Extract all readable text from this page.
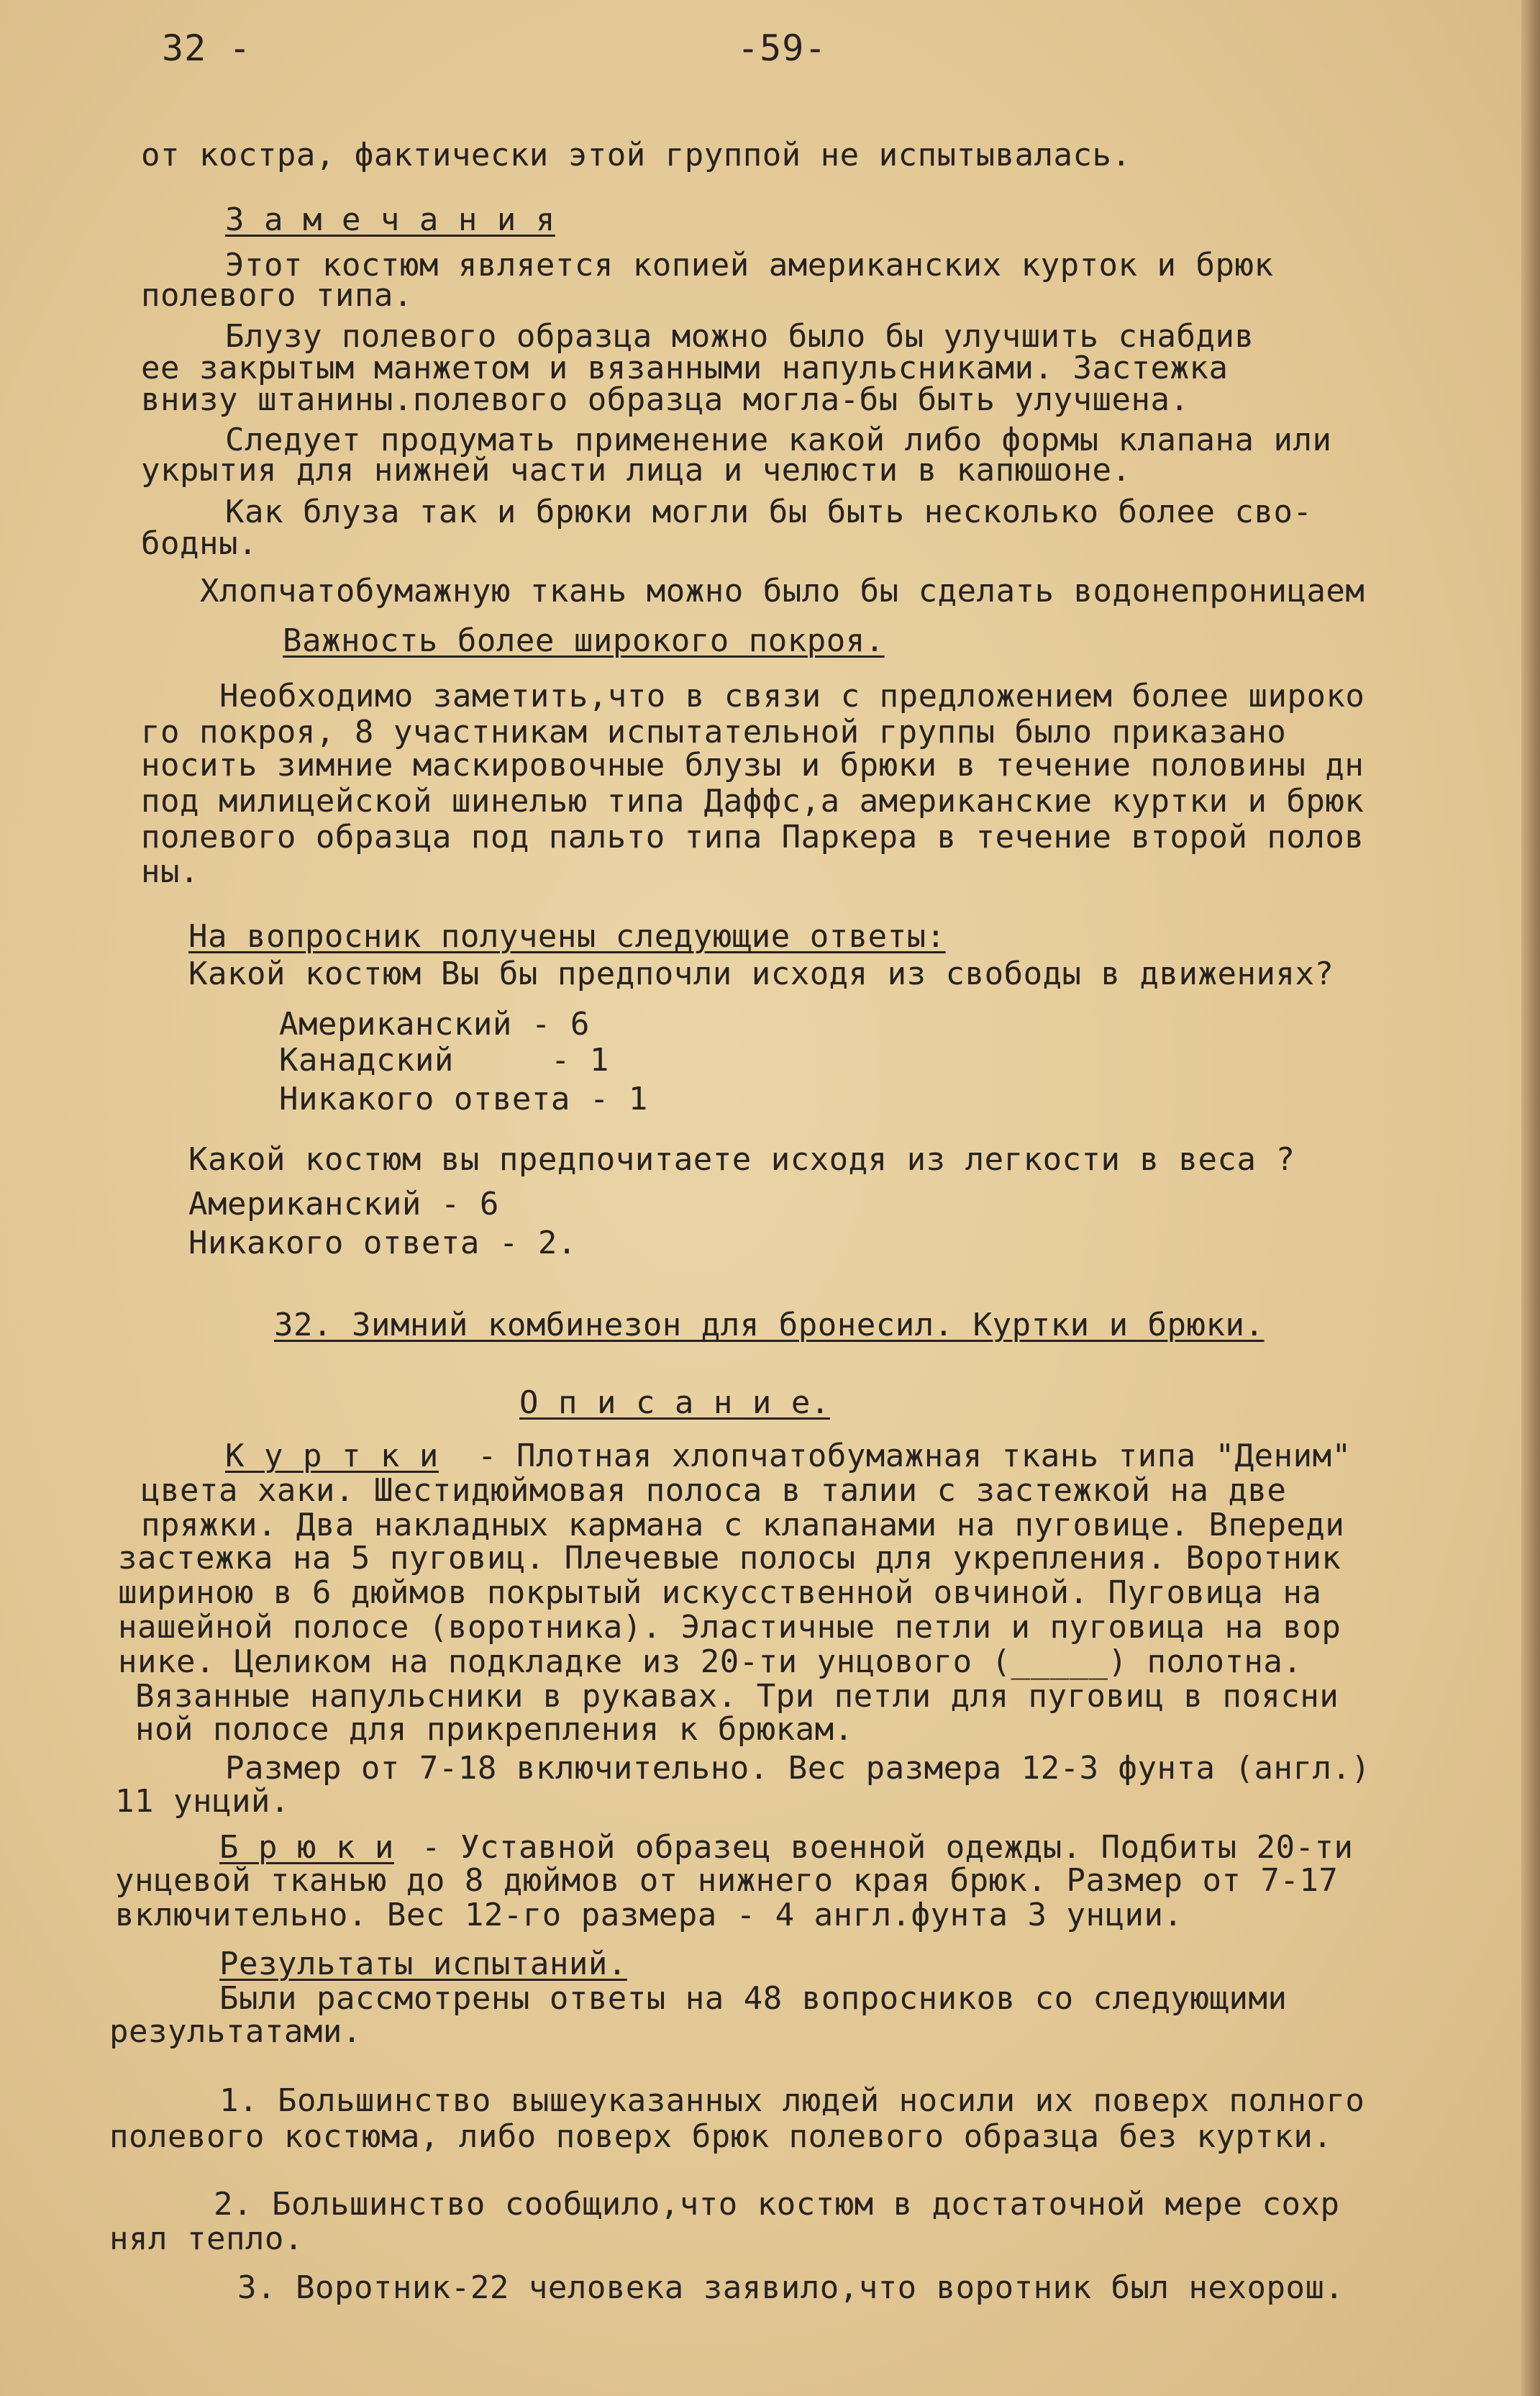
32 -	-59-
от костра, фактически этой группой не испытывалась.
З а м е ч а н и я
Этот костюм является копией американских курток и брюк
полевого типа.
Блузу полевого образца можно было бы улучшить снабдив
ее закрытым манжетом и вязанными напульсниками. Застежка
внизу штанины.полевого образца могла-бы быть улучшена.
Следует продумать применение какой либо формы клапана или
укрытия для нижней части лица и челюсти в капюшоне.
Как блуза так и брюки могли бы быть несколько более сво-
бодны.
Хлопчатобумажную ткань можно было бы сделать водонепроницаем
Важность более широкого покроя.
Необходимо заметить,что в связи с предложением более широко
го покроя, 8 участникам испытательной группы было приказано
носить зимние маскировочные блузы и брюки в течение половины дн
под милицейской шинелью типа Даффс,а американские куртки и брюк
полевого образца под пальто типа Паркера в течение второй полов
ны.
На вопросник получены следующие ответы:
Какой костюм Вы бы предпочли исходя из свободы в движениях?
Американский - 6
Канадский     - 1
Никакого ответа - 1
Какой костюм вы предпочитаете исходя из легкости в веса ?
Американский - 6
Никакого ответа - 2.
32. Зимний комбинезон для бронесил. Куртки и брюки.
О п и с а н и е.
К у р т к и - Плотная хлопчатобумажная ткань типа "Деним"
цвета хаки. Шестидюймовая полоса в талии с застежкой на две
пряжки. Два накладных кармана с клапанами на пуговице. Впереди
застежка на 5 пуговиц. Плечевые полосы для укрепления. Воротник
шириною в 6 дюймов покрытый искусственной овчиной. Пуговица на
нашейной полосе (воротника). Эластичные петли и пуговица на вор
нике. Целиком на подкладке из 20-ти унцового (_____) полотна.
Вязанные напульсники в рукавах. Три петли для пуговиц в поясни
ной полосе для прикрепления к брюкам.
Размер от 7-18 включительно. Вес размера 12-3 фунта (англ.)
11 унций.
Б р ю к и - Уставной образец военной одежды. Подбиты 20-ти
унцевой тканью до 8 дюймов от нижнего края брюк. Размер от 7-17
включительно. Вес 12-го размера - 4 англ.фунта 3 унции.
Результаты испытаний.
Были рассмотрены ответы на 48 вопросников со следующими
результатами.
1. Большинство вышеуказанных людей носили их поверх полного
полевого костюма, либо поверх брюк полевого образца без куртки.
2. Большинство сообщило,что костюм в достаточной мере сохр
нял тепло.
3. Воротник-22 человека заявило,что воротник был нехорош.
